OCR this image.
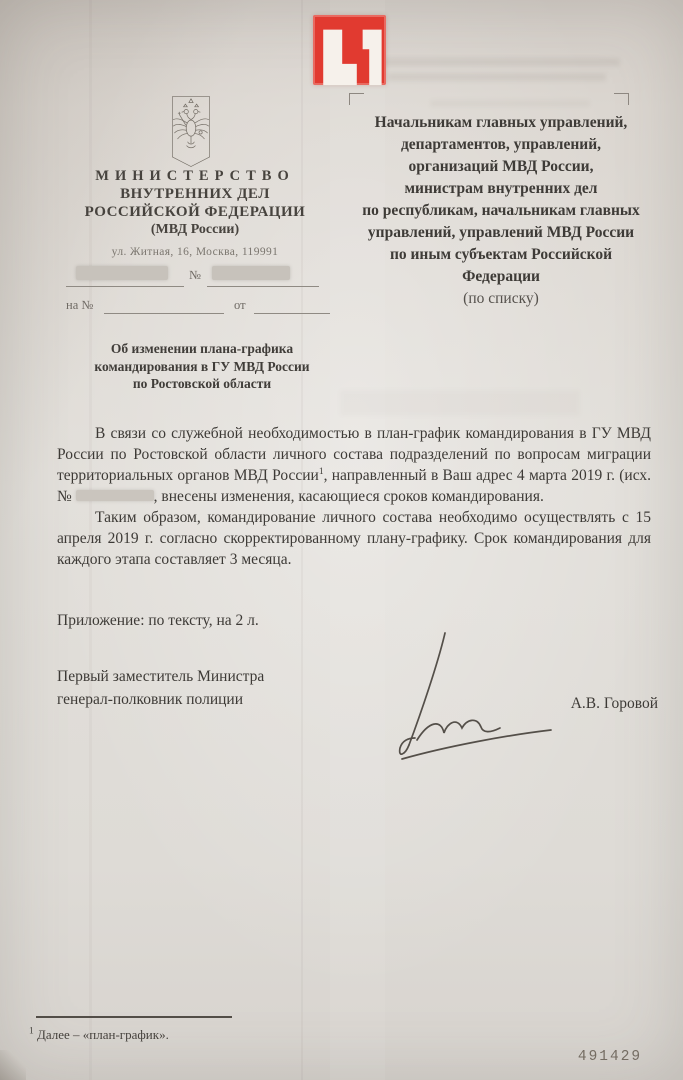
МИНИСТЕРСТВО
ВНУТРЕННИХ ДЕЛ
РОССИЙСКОЙ ФЕДЕРАЦИИ
(МВД России)
ул. Житная, 16, Москва, 119991
№
на №	от
Начальникам главных управлений,
департаментов, управлений,
организаций МВД России,
министрам внутренних дел
по республикам, начальникам главных
управлений, управлений МВД России
по иным субъектам Российской
Федерации
(по списку)
Об изменении плана-графика
командирования в ГУ МВД России
по Ростовской области

В связи со служебной необходимостью в план-график командирования в ГУ МВД России по Ростовской области личного состава подразделений по вопросам миграции территориальных органов МВД России$^1$, направленный в Ваш адрес 4 марта 2019 г. (исх. №	, внесены изменения, касающиеся сроков командирования.

Таким образом, командирование личного состава необходимо осуществлять с 15 апреля 2019 г. согласно скорректированному плану-графику. Срок командирования для каждого этапа составляет 3 месяца.

Приложение: по тексту, на 2 л.
Первый заместитель Министра
генерал-полковник полиции	А.В. Горовой
$^1$ Далее – «план-график».
491429
